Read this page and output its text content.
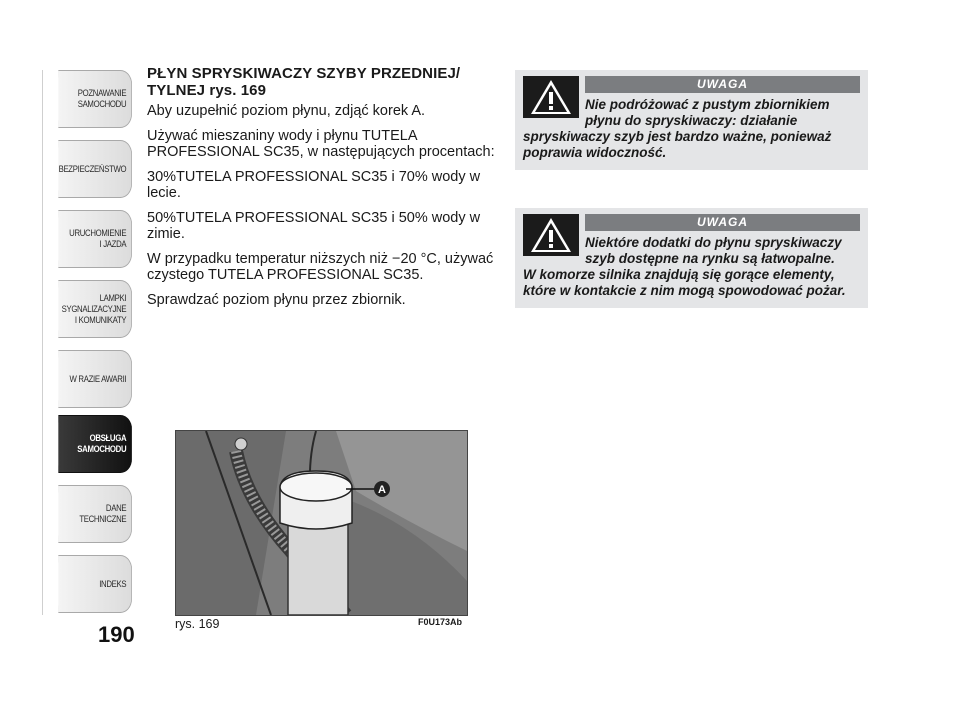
POZNAWANIE
SAMOCHODU
BEZPIECZEŃSTWO
URUCHOMIENIE
I JAZDA
LAMPKI
SYGNALIZACYJNE
I KOMUNIKATY
W RAZIE AWARII
OBSŁUGA
SAMOCHODU
DANE
TECHNICZNE
INDEKS
190

PŁYN SPRYSKIWACZY SZYBY PRZEDNIEJ/ TYLNEJ rys. 169

Aby uzupełnić poziom płynu, zdjąć korek A.

Używać mieszaniny wody i płynu TUTELA PROFESSIONAL SC35, w następujących procentach:

30%TUTELA PROFESSIONAL SC35 i 70% wody w lecie.

50%TUTELA PROFESSIONAL SC35 i 50% wody w zimie.

W przypadku temperatur niższych niż −20 °C, używać czystego TUTELA PROFESSIONAL SC35.

Sprawdzać poziom płynu przez zbiornik.

UWAGA
Nie podróżować z pustym zbiornikiem płynu do spryskiwaczy: działanie
spryskiwaczy szyb jest bardzo ważne, ponieważ poprawia widoczność.
UWAGA
Niektóre dodatki do płynu spryskiwaczy szyb dostępne na rynku są łatwopalne.
W komorze silnika znajdują się gorące elementy, które w kontakcie z nim mogą spowodować pożar.
A
rys. 169	F0U173Ab
